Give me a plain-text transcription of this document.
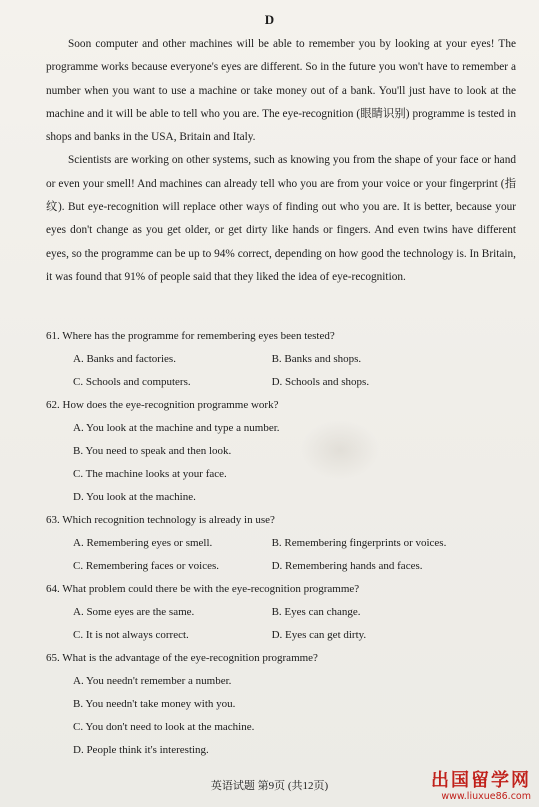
D

Soon computer and other machines will be able to remember you by looking at your eyes! The programme works because everyone's eyes are different. So in the future you won't have to remember a number when you want to use a machine or take money out of a bank. You'll just have to look at the machine and it will be able to tell who you are. The eye-recognition (眼睛识别) programme is tested in shops and banks in the USA, Britain and Italy.

Scientists are working on other systems, such as knowing you from the shape of your face or hand or even your smell! And machines can already tell who you are from your voice or your fingerprint (指纹). But eye-recognition will replace other ways of finding out who you are. It is better, because your eyes don't change as you get older, or get dirty like hands or fingers. And even twins have different eyes, so the programme can be up to 94% correct, depending on how good the technology is. In Britain, it was found that 91% of people said that they liked the idea of eye-recognition.

61. Where has the programme for remembering eyes been tested?
A. Banks and factories.	B. Banks and shops.
C. Schools and computers.	D. Schools and shops.
62. How does the eye-recognition programme work?
A. You look at the machine and type a number.
B. You need to speak and then look.
C. The machine looks at your face.
D. You look at the machine.
63. Which recognition technology is already in use?
A. Remembering eyes or smell.	B. Remembering fingerprints or voices.
C. Remembering faces or voices.	D. Remembering hands and faces.
64. What problem could there be with the eye-recognition programme?
A. Some eyes are the same.	B. Eyes can change.
C. It is not always correct.	D. Eyes can get dirty.
65. What is the advantage of the eye-recognition programme?
A. You needn't remember a number.
B. You needn't take money with you.
C. You don't need to look at the machine.
D. People think it's interesting.
英语试题 第9页 (共12页)	出国留学网
www.liuxue86.com
